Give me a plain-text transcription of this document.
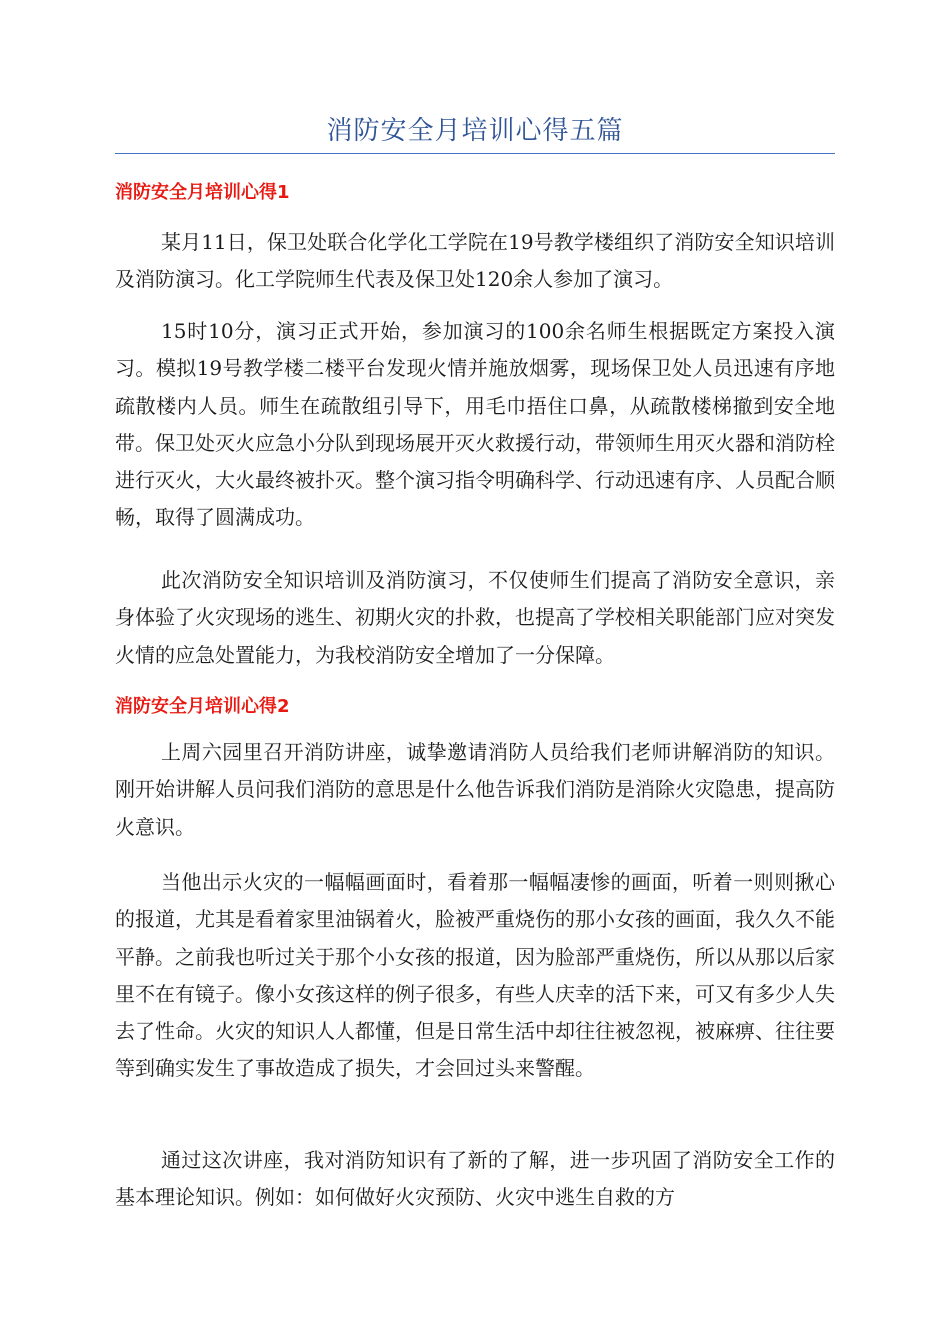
消防安全月培训心得五篇
消防安全月培训心得1

某月11日，保卫处联合化学化工学院在19号教学楼组织了消防安全知识培训及消防演习。化工学院师生代表及保卫处120余人参加了演习。

15时10分，演习正式开始，参加演习的100余名师生根据既定方案投入演习。模拟19号教学楼二楼平台发现火情并施放烟雾，现场保卫处人员迅速有序地疏散楼内人员。师生在疏散组引导下，用毛巾捂住口鼻，从疏散楼梯撤到安全地带。保卫处灭火应急小分队到现场展开灭火救援行动，带领师生用灭火器和消防栓进行灭火，大火最终被扑灭。整个演习指令明确科学、行动迅速有序、人员配合顺畅，取得了圆满成功。

此次消防安全知识培训及消防演习，不仅使师生们提高了消防安全意识，亲身体验了火灾现场的逃生、初期火灾的扑救，也提高了学校相关职能部门应对突发火情的应急处置能力，为我校消防安全增加了一分保障。

消防安全月培训心得2

上周六园里召开消防讲座，诚挚邀请消防人员给我们老师讲解消防的知识。刚开始讲解人员问我们消防的意思是什么他告诉我们消防是消除火灾隐患，提高防火意识。

当他出示火灾的一幅幅画面时，看着那一幅幅凄惨的画面，听着一则则揪心的报道，尤其是看着家里油锅着火，脸被严重烧伤的那小女孩的画面，我久久不能平静。之前我也听过关于那个小女孩的报道，因为脸部严重烧伤，所以从那以后家里不在有镜子。像小女孩这样的例子很多，有些人庆幸的活下来，可又有多少人失去了性命。火灾的知识人人都懂，但是日常生活中却往往被忽视，被麻痹、往往要等到确实发生了事故造成了损失，才会回过头来警醒。

通过这次讲座，我对消防知识有了新的了解，进一步巩固了消防安全工作的基本理论知识。例如：如何做好火灾预防、火灾中逃生自救的方
